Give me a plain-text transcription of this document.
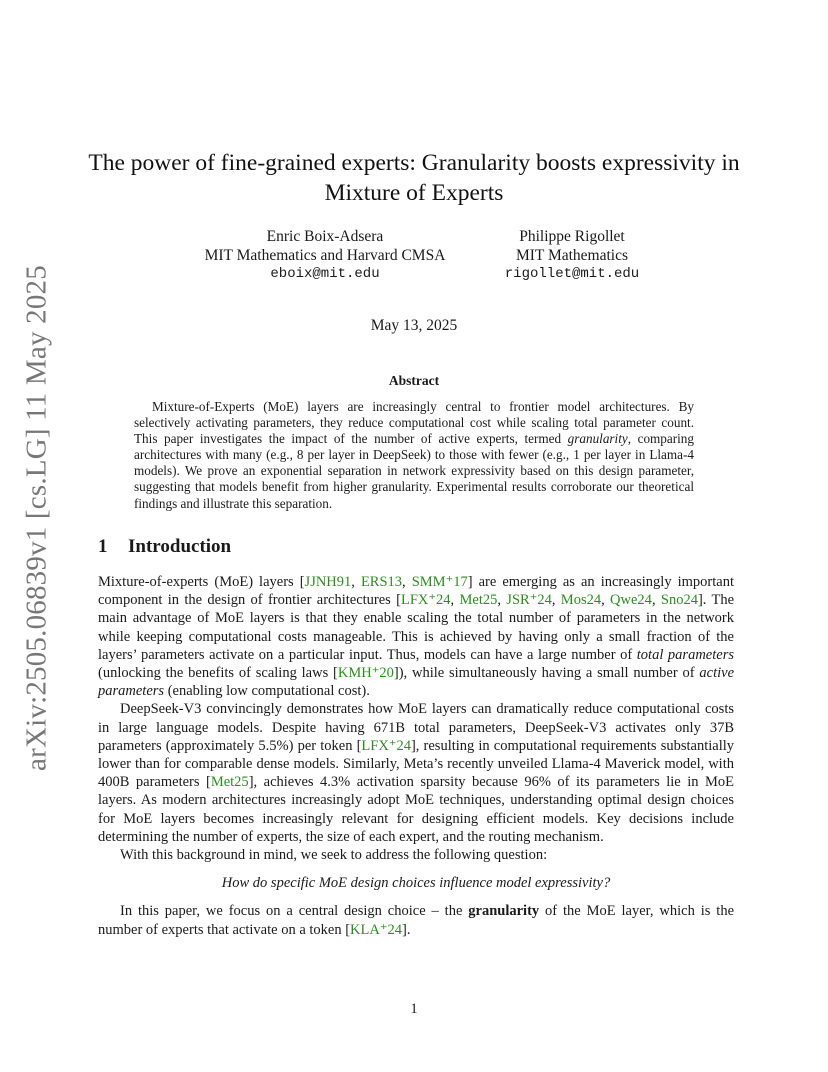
arXiv:2505.06839v1 [cs.LG] 11 May 2025
The power of fine-grained experts: Granularity boosts expressivity in Mixture of Experts
Enric Boix-Adsera
MIT Mathematics and Harvard CMSA
eboix@mit.edu
Philippe Rigollet
MIT Mathematics
rigollet@mit.edu
May 13, 2025
Abstract
Mixture-of-Experts (MoE) layers are increasingly central to frontier model architectures. By selectively activating parameters, they reduce computational cost while scaling total parameter count. This paper investigates the impact of the number of active experts, termed granularity, comparing architectures with many (e.g., 8 per layer in DeepSeek) to those with fewer (e.g., 1 per layer in Llama-4 models). We prove an exponential separation in network expressivity based on this design parameter, suggesting that models benefit from higher granularity. Experimental results corroborate our theoretical findings and illustrate this separation.
1 Introduction

Mixture-of-experts (MoE) layers [JJNH91, ERS13, SMM⁺17] are emerging as an increasingly important component in the design of frontier architectures [LFX⁺24, Met25, JSR⁺24, Mos24, Qwe24, Sno24]. The main advantage of MoE layers is that they enable scaling the total number of parameters in the network while keeping computational costs manageable. This is achieved by having only a small fraction of the layers’ parameters activate on a particular input. Thus, models can have a large number of total parameters (unlocking the benefits of scaling laws [KMH⁺20]), while simultaneously having a small number of active parameters (enabling low computational cost).

DeepSeek-V3 convincingly demonstrates how MoE layers can dramatically reduce computational costs in large language models. Despite having 671B total parameters, DeepSeek-V3 activates only 37B parameters (approximately 5.5%) per token [LFX⁺24], resulting in computational requirements substantially lower than for comparable dense models. Similarly, Meta’s recently unveiled Llama-4 Maverick model, with 400B parameters [Met25], achieves 4.3% activation sparsity because 96% of its parameters lie in MoE layers. As modern architectures increasingly adopt MoE techniques, understanding optimal design choices for MoE layers becomes increasingly relevant for designing efficient models. Key decisions include determining the number of experts, the size of each expert, and the routing mechanism.

With this background in mind, we seek to address the following question:

How do specific MoE design choices influence model expressivity?

In this paper, we focus on a central design choice – the granularity of the MoE layer, which is the number of experts that activate on a token [KLA⁺24].

1
